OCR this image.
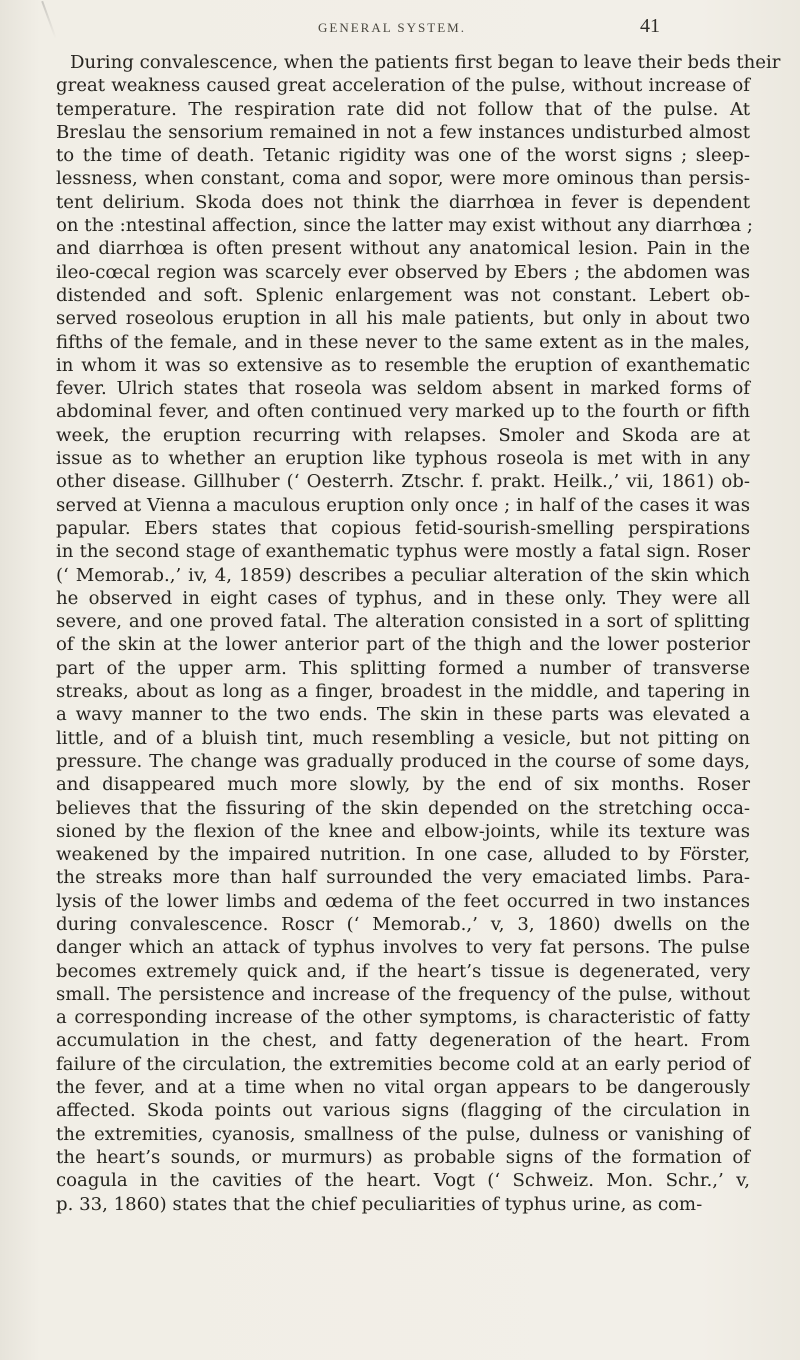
GENERAL SYSTEM.	41
During convalescence, when the patients first began to leave their beds their
great weakness caused great acceleration of the pulse, without increase of
temperature. The respiration rate did not follow that of the pulse. At
Breslau the sensorium remained in not a few instances undisturbed almost
to the time of death. Tetanic rigidity was one of the worst signs ; sleep-
lessness, when constant, coma and sopor, were more ominous than persis-
tent delirium. Skoda does not think the diarrhœa in fever is dependent
on the :ntestinal affection, since the latter may exist without any diarrhœa ;
and diarrhœa is often present without any anatomical lesion. Pain in the
ileo-cœcal region was scarcely ever observed by Ebers ; the abdomen was
distended and soft. Splenic enlargement was not constant. Lebert ob-
served roseolous eruption in all his male patients, but only in about two
fifths of the female, and in these never to the same extent as in the males,
in whom it was so extensive as to resemble the eruption of exanthematic
fever. Ulrich states that roseola was seldom absent in marked forms of
abdominal fever, and often continued very marked up to the fourth or fifth
week, the eruption recurring with relapses. Smoler and Skoda are at
issue as to whether an eruption like typhous roseola is met with in any
other disease. Gillhuber (‘ Oesterrh. Ztschr. f. prakt. Heilk.,’ vii, 1861) ob-
served at Vienna a maculous eruption only once ; in half of the cases it was
papular. Ebers states that copious fetid-sourish-smelling perspirations
in the second stage of exanthematic typhus were mostly a fatal sign. Roser
(‘ Memorab.,’ iv, 4, 1859) describes a peculiar alteration of the skin which
he observed in eight cases of typhus, and in these only. They were all
severe, and one proved fatal. The alteration consisted in a sort of splitting
of the skin at the lower anterior part of the thigh and the lower posterior
part of the upper arm. This splitting formed a number of transverse
streaks, about as long as a finger, broadest in the middle, and tapering in
a wavy manner to the two ends. The skin in these parts was elevated a
little, and of a bluish tint, much resembling a vesicle, but not pitting on
pressure. The change was gradually produced in the course of some days,
and disappeared much more slowly, by the end of six months. Roser
believes that the fissuring of the skin depended on the stretching occa-
sioned by the flexion of the knee and elbow-joints, while its texture was
weakened by the impaired nutrition. In one case, alluded to by Förster,
the streaks more than half surrounded the very emaciated limbs. Para-
lysis of the lower limbs and œdema of the feet occurred in two instances
during convalescence. Roscr (‘ Memorab.,’ v, 3, 1860) dwells on the
danger which an attack of typhus involves to very fat persons. The pulse
becomes extremely quick and, if the heart’s tissue is degenerated, very
small. The persistence and increase of the frequency of the pulse, without
a corresponding increase of the other symptoms, is characteristic of fatty
accumulation in the chest, and fatty degeneration of the heart. From
failure of the circulation, the extremities become cold at an early period of
the fever, and at a time when no vital organ appears to be dangerously
affected. Skoda points out various signs (flagging of the circulation in
the extremities, cyanosis, smallness of the pulse, dulness or vanishing of
the heart’s sounds, or murmurs) as probable signs of the formation of
coagula in the cavities of the heart. Vogt (‘ Schweiz. Mon. Schr.,’ v,
p. 33, 1860) states that the chief peculiarities of typhus urine, as com-
